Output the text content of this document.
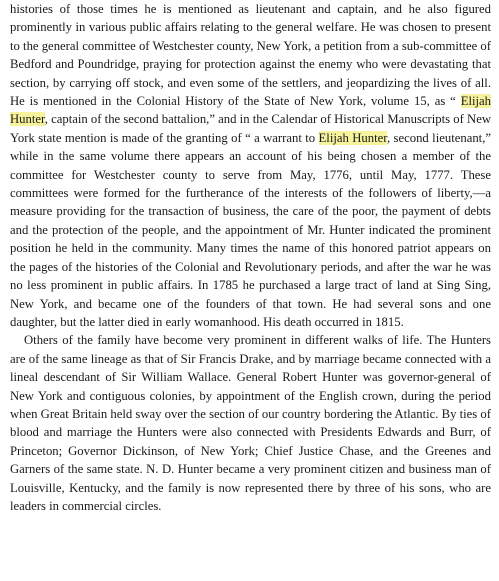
histories of those times he is mentioned as lieutenant and captain, and he also figured prominently in various public affairs relating to the general welfare. He was chosen to present to the general committee of Westchester county, New York, a petition from a sub-committee of Bedford and Poundridge, praying for protection against the enemy who were devastating that section, by carrying off stock, and even some of the settlers, and jeopardizing the lives of all. He is mentioned in the Colonial History of the State of New York, volume 15, as “ Elijah Hunter, captain of the second battalion,” and in the Calendar of Historical Manuscripts of New York state mention is made of the granting of “ a warrant to Elijah Hunter, second lieutenant,” while in the same volume there appears an account of his being chosen a member of the committee for Westchester county to serve from May, 1776, until May, 1777. These committees were formed for the furtherance of the interests of the followers of liberty,—a measure providing for the transaction of business, the care of the poor, the payment of debts and the protection of the people, and the appointment of Mr. Hunter indicated the prominent position he held in the community. Many times the name of this honored patriot appears on the pages of the histories of the Colonial and Revolutionary periods, and after the war he was no less prominent in public affairs. In 1785 he purchased a large tract of land at Sing Sing, New York, and became one of the founders of that town. He had several sons and one daughter, but the latter died in early womanhood. His death occurred in 1815.

Others of the family have become very prominent in different walks of life. The Hunters are of the same lineage as that of Sir Francis Drake, and by marriage became connected with a lineal descendant of Sir William Wallace. General Robert Hunter was governor-general of New York and contiguous colonies, by appointment of the English crown, during the period when Great Britain held sway over the section of our country bordering the Atlantic. By ties of blood and marriage the Hunters were also connected with Presidents Edwards and Burr, of Princeton; Governor Dickinson, of New York; Chief Justice Chase, and the Greenes and Garners of the same state. N. D. Hunter became a very prominent citizen and business man of Louisville, Kentucky, and the family is now represented there by three of his sons, who are leaders in commercial circles.
